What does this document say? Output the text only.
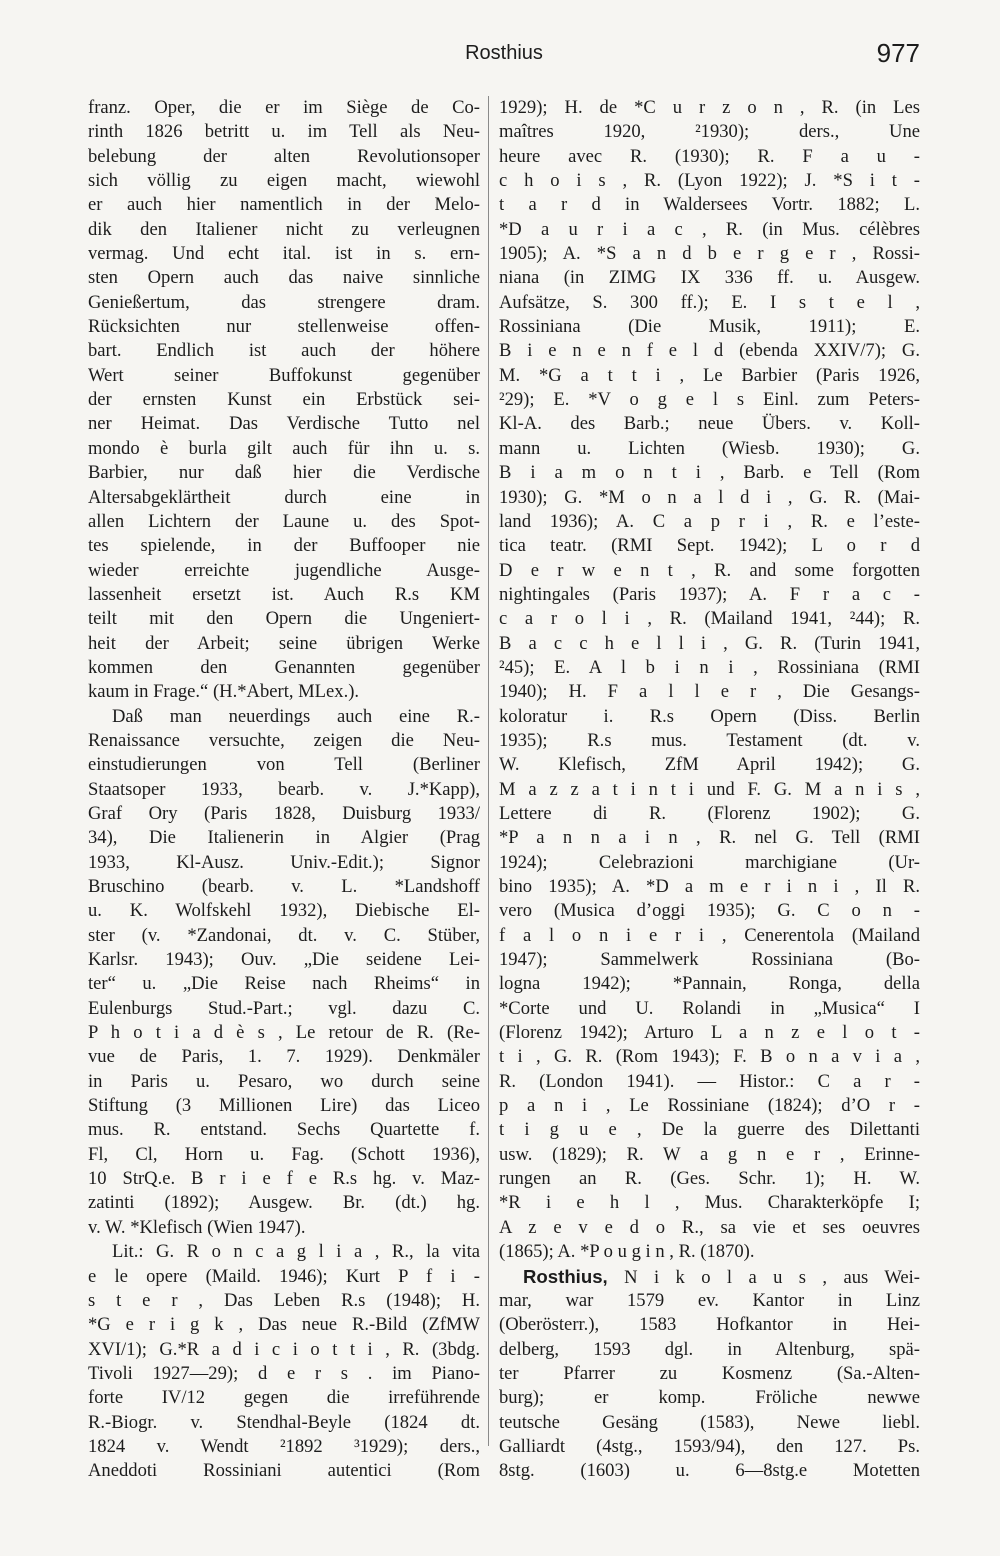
Rosthius	977
franz. Oper, die er im Siège de Co-
rinth 1826 betritt u. im Tell als Neu-
belebung der alten Revolutionsoper
sich völlig zu eigen macht, wiewohl
er auch hier namentlich in der Melo-
dik den Italiener nicht zu verleugnen
vermag. Und echt ital. ist in s. ern-
sten Opern auch das naive sinnliche
Genießertum, das strengere dram.
Rücksichten nur stellenweise offen-
bart. Endlich ist auch der höhere
Wert seiner Buffokunst gegenüber
der ernsten Kunst ein Erbstück sei-
ner Heimat. Das Verdische Tutto nel
mondo è burla gilt auch für ihn u. s.
Barbier, nur daß hier die Verdische
Altersabgeklärtheit durch eine in
allen Lichtern der Laune u. des Spot-
tes spielende, in der Buffooper nie
wieder erreichte jugendliche Ausge-
lassenheit ersetzt ist. Auch R.s KM
teilt mit den Opern die Ungeniert-
heit der Arbeit; seine übrigen Werke
kommen den Genannten gegenüber
kaum in Frage.“ (H.*Abert, MLex.).
Daß man neuerdings auch eine R.-
Renaissance versuchte, zeigen die Neu-
einstudierungen von Tell (Berliner
Staatsoper 1933, bearb. v. J.*Kapp),
Graf Ory (Paris 1828, Duisburg 1933/
34), Die Italienerin in Algier (Prag
1933, Kl-Ausz. Univ.-Edit.); Signor
Bruschino (bearb. v. L. *Landshoff
u. K. Wolfskehl 1932), Diebische El-
ster (v. *Zandonai, dt. v. C. Stüber,
Karlsr. 1943); Ouv. „Die seidene Lei-
ter“ u. „Die Reise nach Rheims“ in
Eulenburgs Stud.-Part.; vgl. dazu C.
P h o t i a d è s , Le retour de R. (Re-
vue de Paris, 1. 7. 1929). Denkmäler
in Paris u. Pesaro, wo durch seine
Stiftung (3 Millionen Lire) das Liceo
mus. R. entstand. Sechs Quartette f.
Fl, Cl, Horn u. Fag. (Schott 1936),
10 StrQ.e. B r i e f e R.s hg. v. Maz-
zatinti (1892); Ausgew. Br. (dt.) hg.
v. W. *Klefisch (Wien 1947).
Lit.: G. R o n c a g l i a , R., la vita
e le opere (Maild. 1946); Kurt P f i -
s t e r , Das Leben R.s (1948); H.
*G e r i g k , Das neue R.-Bild (ZfMW
XVI/1); G.*R a d i c i o t t i , R. (3bdg.
Tivoli 1927—29); d e r s . im Piano-
forte IV/12 gegen die irreführende
R.-Biogr. v. Stendhal-Beyle (1824 dt.
1824 v. Wendt ²1892 ³1929); ders.,
Aneddoti Rossiniani autentici (Rom
1929); H. de *C u r z o n , R. (in Les
maîtres 1920, ²1930); ders., Une
heure avec R. (1930); R. F a u -
c h o i s , R. (Lyon 1922); J. *S i t -
t a r d in Waldersees Vortr. 1882; L.
*D a u r i a c , R. (in Mus. célèbres
1905); A. *S a n d b e r g e r , Rossi-
niana (in ZIMG IX 336 ff. u. Ausgew.
Aufsätze, S. 300 ff.); E. I s t e l ,
Rossiniana (Die Musik, 1911); E.
B i e n e n f e l d (ebenda XXIV/7); G.
M. *G a t t i , Le Barbier (Paris 1926,
²29); E. *V o g e l s Einl. zum Peters-
Kl-A. des Barb.; neue Übers. v. Koll-
mann u. Lichten (Wiesb. 1930); G.
B i a m o n t i , Barb. e Tell (Rom
1930); G. *M o n a l d i , G. R. (Mai-
land 1936); A. C a p r i , R. e l’este-
tica teatr. (RMI Sept. 1942); L o r d
D e r w e n t , R. and some forgotten
nightingales (Paris 1937); A. F r a c -
c a r o l i , R. (Mailand 1941, ²44); R.
B a c c h e l l i , G. R. (Turin 1941,
²45); E. A l b i n i , Rossiniana (RMI
1940); H. F a l l e r , Die Gesangs-
koloratur i. R.s Opern (Diss. Berlin
1935); R.s mus. Testament (dt. v.
W. Klefisch, ZfM April 1942); G.
M a z z a t i n t i und F. G. M a n i s ,
Lettere di R. (Florenz 1902); G.
*P a n n a i n , R. nel G. Tell (RMI
1924); Celebrazioni marchigiane (Ur-
bino 1935); A. *D a m e r i n i , Il R.
vero (Musica d’oggi 1935); G. C o n -
f a l o n i e r i , Cenerentola (Mailand
1947); Sammelwerk Rossiniana (Bo-
logna 1942); *Pannain, Ronga, della
*Corte und U. Rolandi in „Musica“ I
(Florenz 1942); Arturo L a n z e l o t -
t i , G. R. (Rom 1943); F. B o n a v i a ,
R. (London 1941). — Histor.: C a r -
p a n i , Le Rossiniane (1824); d’O r -
t i g u e , De la guerre des Dilettanti
usw. (1829); R. W a g n e r , Erinne-
rungen an R. (Ges. Schr. 1); H. W.
*R i e h l , Mus. Charakterköpfe I;
A z e v e d o R., sa vie et ses oeuvres
(1865); A. *P o u g i n , R. (1870).
Rosthius, N i k o l a u s , aus Wei-
mar, war 1579 ev. Kantor in Linz
(Oberösterr.), 1583 Hofkantor in Hei-
delberg, 1593 dgl. in Altenburg, spä-
ter Pfarrer zu Kosmenz (Sa.-Alten-
burg); er komp. Fröliche newwe
teutsche Gesäng (1583), Newe liebl.
Galliardt (4stg., 1593/94), den 127. Ps.
8stg. (1603) u. 6—8stg.e Motetten
